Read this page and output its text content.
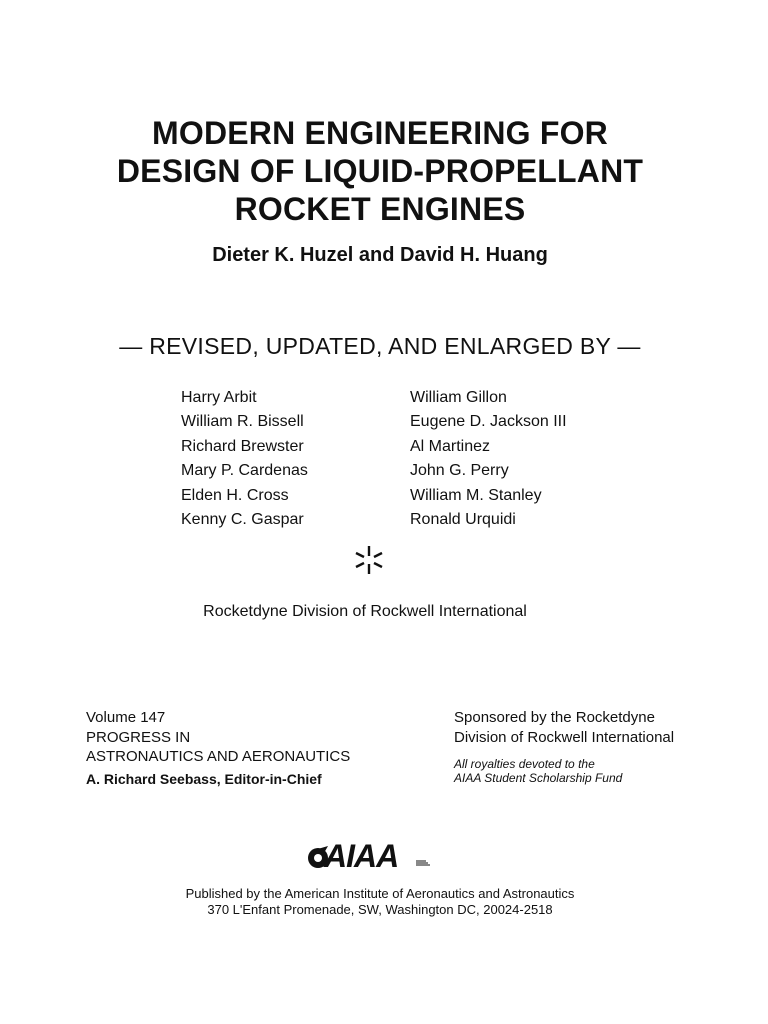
MODERN ENGINEERING FOR
DESIGN OF LIQUID-PROPELLANT
ROCKET ENGINES
Dieter K. Huzel and David H. Huang
— REVISED, UPDATED, AND ENLARGED BY —
Harry Arbit
William R. Bissell
Richard Brewster
Mary P. Cardenas
Elden H. Cross
Kenny C. Gaspar
William Gillon
Eugene D. Jackson III
Al Martinez
John G. Perry
William M. Stanley
Ronald Urquidi
Rocketdyne Division of Rockwell International
Volume 147
PROGRESS IN
ASTRONAUTICS AND AERONAUTICS
A. Richard Seebass, Editor-in-Chief
Sponsored by the Rocketdyne
Division of Rockwell International
All royalties devoted to the
AIAA Student Scholarship Fund
AIAA
Published by the American Institute of Aeronautics and Astronautics
370 L'Enfant Promenade, SW, Washington DC, 20024-2518
